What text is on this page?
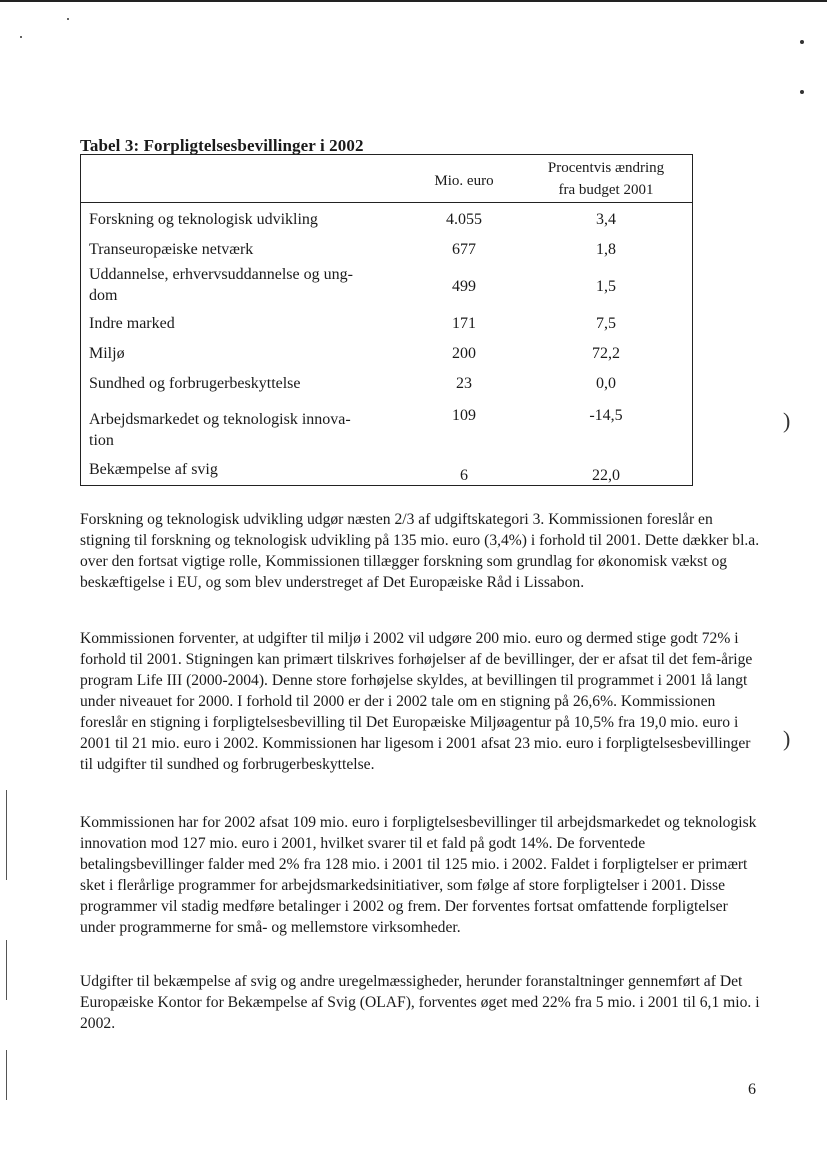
)
)
Tabel 3: Forpligtelsesbevillinger i 2002
Mio. euro
Procentvis ændring
fra budget 2001
Forskning og teknologisk udvikling	4.055	3,4
Transeuropæiske netværk	677	1,8
Uddannelse, erhvervsuddannelse og ung-
dom
499	1,5
Indre marked	171	7,5
Miljø	200	72,2
Sundhed og forbrugerbeskyttelse	23	0,0
Arbejdsmarkedet og teknologisk innova-
tion
109	-14,5
Bekæmpelse af svig	6	22,0

Forskning og teknologisk udvikling udgør næsten 2/3 af udgiftskategori 3. Kommissionen foreslår en stigning til forskning og teknologisk udvikling på 135 mio. euro (3,4%) i forhold til 2001. Dette dækker bl.a. over den fortsat vigtige rolle, Kommissionen tillægger forskning som grundlag for økonomisk vækst og beskæftigelse i EU, og som blev understreget af Det Europæiske Råd i Lissabon.

Kommissionen forventer, at udgifter til miljø i 2002 vil udgøre 200 mio. euro og dermed stige godt 72% i forhold til 2001. Stigningen kan primært tilskrives forhøjelser af de bevillinger, der er afsat til det fem-årige program Life III (2000-2004). Denne store forhøjelse skyldes, at bevillingen til programmet i 2001 lå langt under niveauet for 2000. I forhold til 2000 er der i 2002 tale om en stigning på 26,6%. Kommissionen foreslår en stigning i forpligtelsesbevilling til Det Europæiske Miljøagentur på 10,5% fra 19,0 mio. euro i 2001 til 21 mio. euro i 2002. Kommissionen har ligesom i 2001 afsat 23 mio. euro i forpligtelsesbevillinger til udgifter til sundhed og forbrugerbeskyttelse.

Kommissionen har for 2002 afsat 109 mio. euro i forpligtelsesbevillinger til arbejdsmarkedet og teknologisk innovation mod 127 mio. euro i 2001, hvilket svarer til et fald på godt 14%. De forventede betalingsbevillinger falder med 2% fra 128 mio. i 2001 til 125 mio. i 2002. Faldet i forpligtelser er primært sket i flerårlige programmer for arbejdsmarkedsinitiativer, som følge af store forpligtelser i 2001. Disse programmer vil stadig medføre betalinger i 2002 og frem. Der forventes fortsat omfattende forpligtelser under programmerne for små- og mellemstore virksomheder.

Udgifter til bekæmpelse af svig og andre uregelmæssigheder, herunder foranstaltninger gennemført af Det Europæiske Kontor for Bekæmpelse af Svig (OLAF), forventes øget med 22% fra 5 mio. i 2001 til 6,1 mio. i 2002.

6
